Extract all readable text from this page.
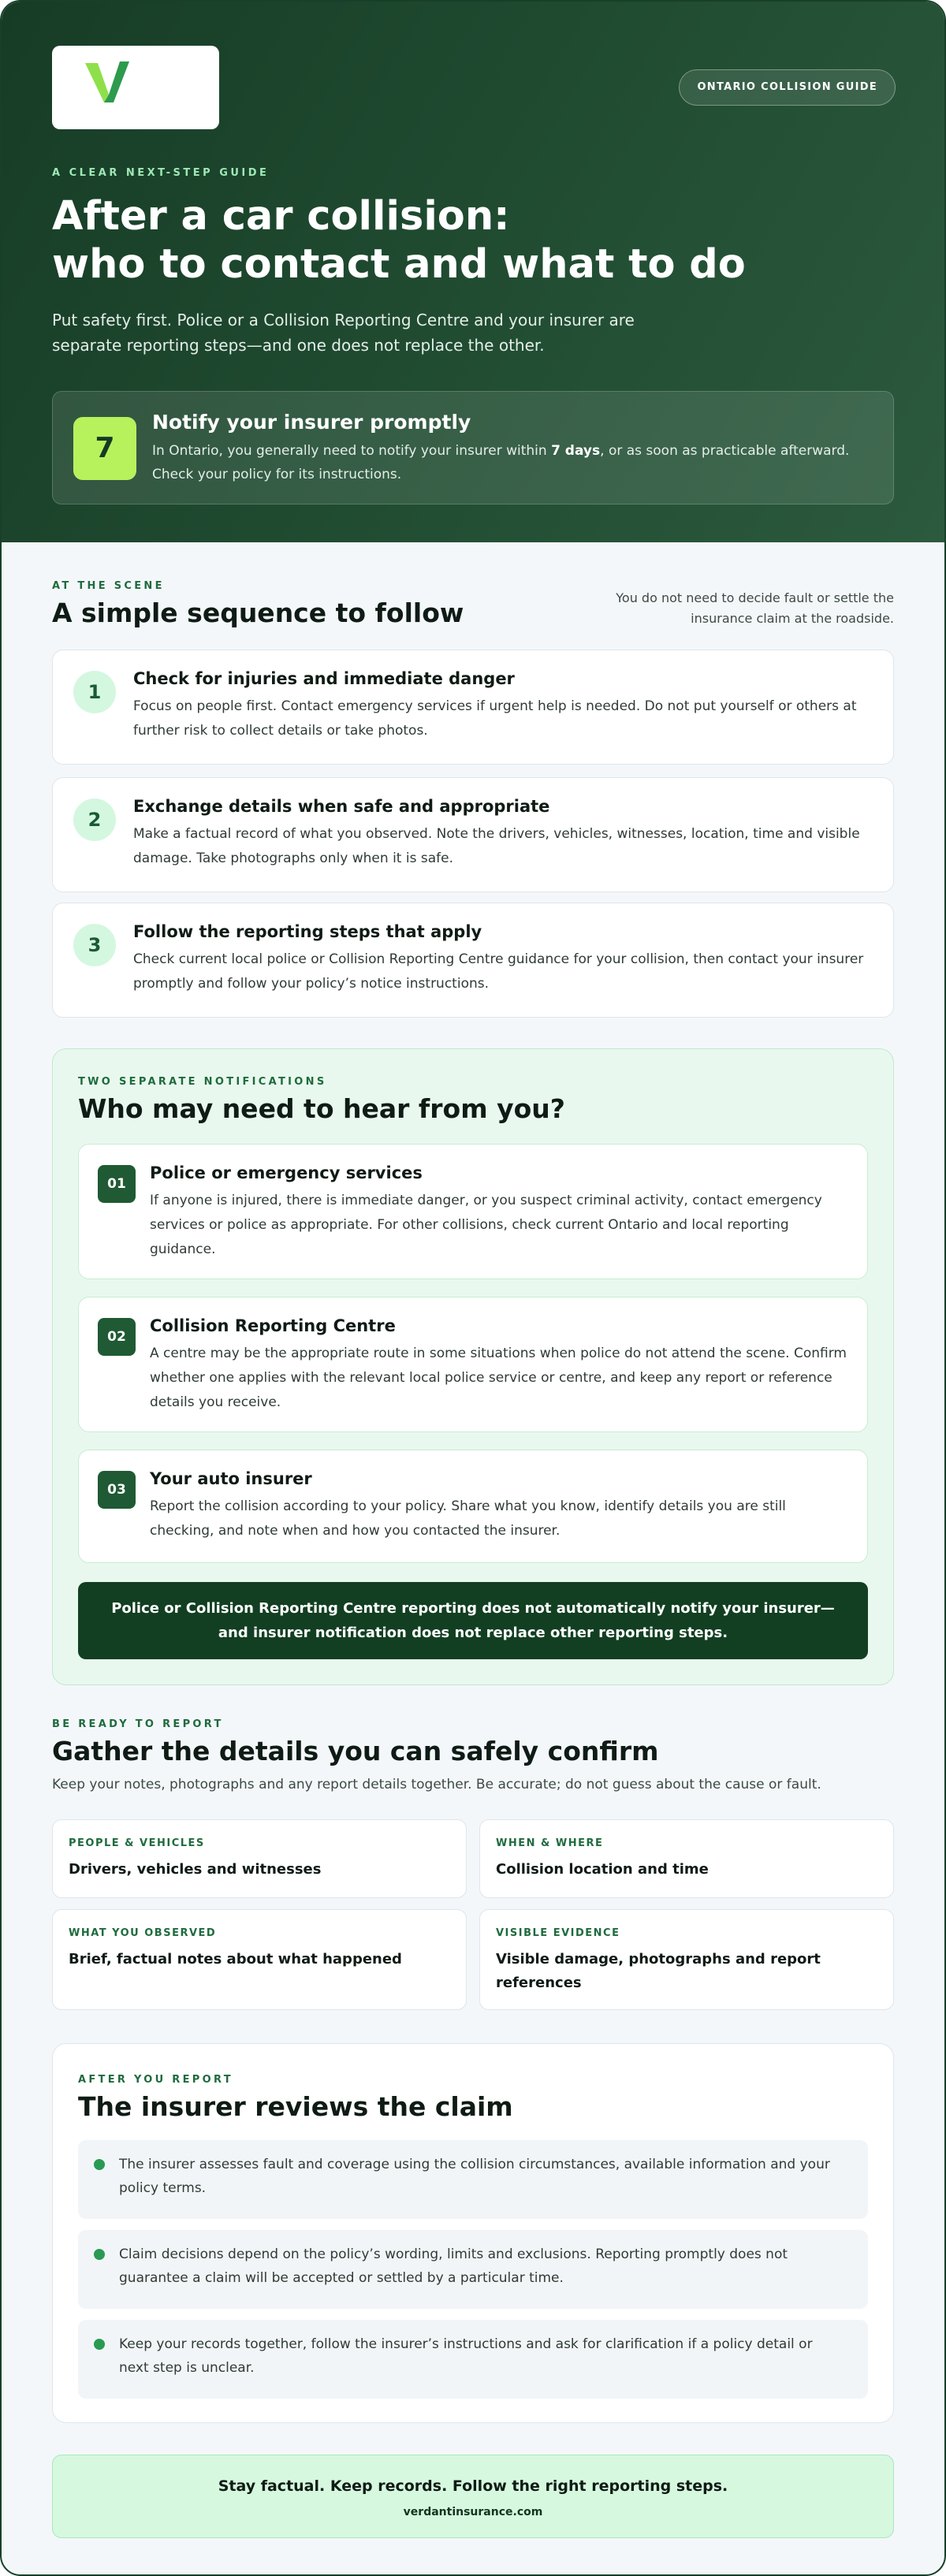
ONTARIO COLLISION GUIDE
A CLEAR NEXT-STEP GUIDE
After a car collision:
who to contact and what to do
Put safety first. Police or a Collision Reporting Centre and your insurer are separate reporting steps—and one does not replace the other.
7
Notify your insurer promptly
In Ontario, you generally need to notify your insurer within 7 days, or as soon as practicable afterward. Check your policy for its instructions.
AT THE SCENE
A simple sequence to follow	You do not need to decide fault or settle the insurance claim at the roadside.
1
Check for injuries and immediate danger
Focus on people first. Contact emergency services if urgent help is needed. Do not put yourself or others at further risk to collect details or take photos.
2
Exchange details when safe and appropriate
Make a factual record of what you observed. Note the drivers, vehicles, witnesses, location, time and visible damage. Take photographs only when it is safe.
3
Follow the reporting steps that apply
Check current local police or Collision Reporting Centre guidance for your collision, then contact your insurer promptly and follow your policy’s notice instructions.
TWO SEPARATE NOTIFICATIONS
Who may need to hear from you?
01
Police or emergency services
If anyone is injured, there is immediate danger, or you suspect criminal activity, contact emergency services or police as appropriate. For other collisions, check current Ontario and local reporting guidance.
02
Collision Reporting Centre
A centre may be the appropriate route in some situations when police do not attend the scene. Confirm whether one applies with the relevant local police service or centre, and keep any report or reference details you receive.
03
Your auto insurer
Report the collision according to your policy. Share what you know, identify details you are still checking, and note when and how you contacted the insurer.
Police or Collision Reporting Centre reporting does not automatically notify your insurer—and insurer notification does not replace other reporting steps.
BE READY TO REPORT
Gather the details you can safely confirm
Keep your notes, photographs and any report details together. Be accurate; do not guess about the cause or fault.
PEOPLE & VEHICLES
Drivers, vehicles and witnesses
WHEN & WHERE
Collision location and time
WHAT YOU OBSERVED
Brief, factual notes about what happened
VISIBLE EVIDENCE
Visible damage, photographs and report references
AFTER YOU REPORT
The insurer reviews the claim
The insurer assesses fault and coverage using the collision circumstances, available information and your policy terms.
Claim decisions depend on the policy’s wording, limits and exclusions. Reporting promptly does not guarantee a claim will be accepted or settled by a particular time.
Keep your records together, follow the insurer’s instructions and ask for clarification if a policy detail or next step is unclear.
Stay factual. Keep records. Follow the right reporting steps.
verdantinsurance.com
